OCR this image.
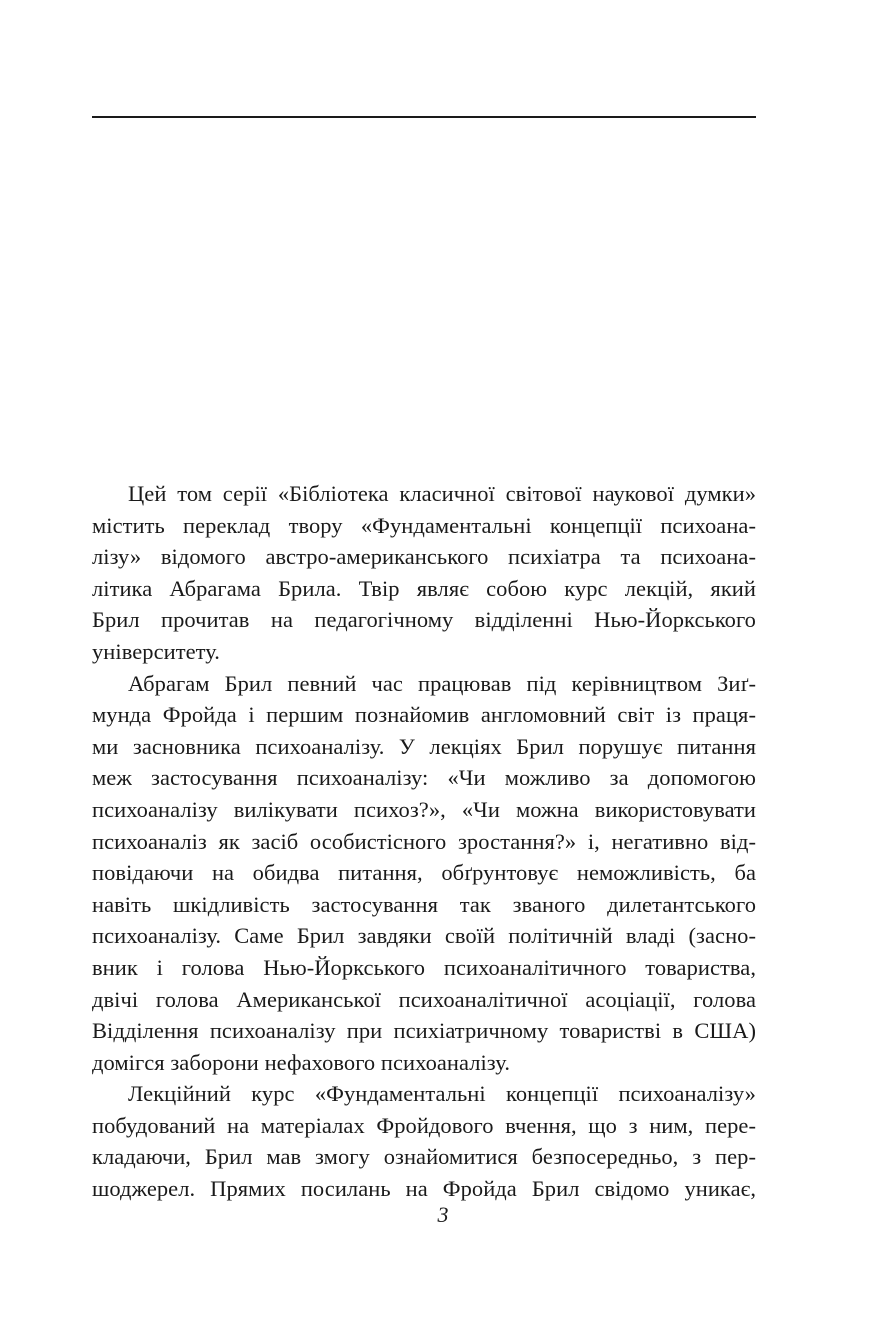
Цей том серії «Бібліотека класичної світової наукової думки»
містить переклад твору «Фундаментальні концепції психоана-
лізу» відомого австро-американського психіатра та психоана-
літика Абрагама Брила. Твір являє собою курс лекцій, який
Брил прочитав на педагогічному відділенні Нью-Йоркського
університету.
Абрагам Брил певний час працював під керівництвом Зиґ-
мунда Фройда і першим познайомив англомовний світ із праця-
ми засновника психоаналізу. У лекціях Брил порушує питання
меж застосування психоаналізу: «Чи можливо за допомогою
психоаналізу вилікувати психоз?», «Чи можна використовувати
психоаналіз як засіб особистісного зростання?» і, негативно від-
повідаючи на обидва питання, обґрунтовує неможливість, ба
навіть шкідливість застосування так званого дилетантського
психоаналізу. Саме Брил завдяки своїй політичній владі (засно-
вник і голова Нью-Йоркського психоаналітичного товариства,
двічі голова Американської психоаналітичної асоціації, голова
Відділення психоаналізу при психіатричному товаристві в США)
домігся заборони нефахового психоаналізу.
Лекційний курс «Фундаментальні концепції психоаналізу»
побудований на матеріалах Фройдового вчення, що з ним, пере-
кладаючи, Брил мав змогу ознайомитися безпосередньо, з пер-
шоджерел. Прямих посилань на Фройда Брил свідомо уникає,
3
